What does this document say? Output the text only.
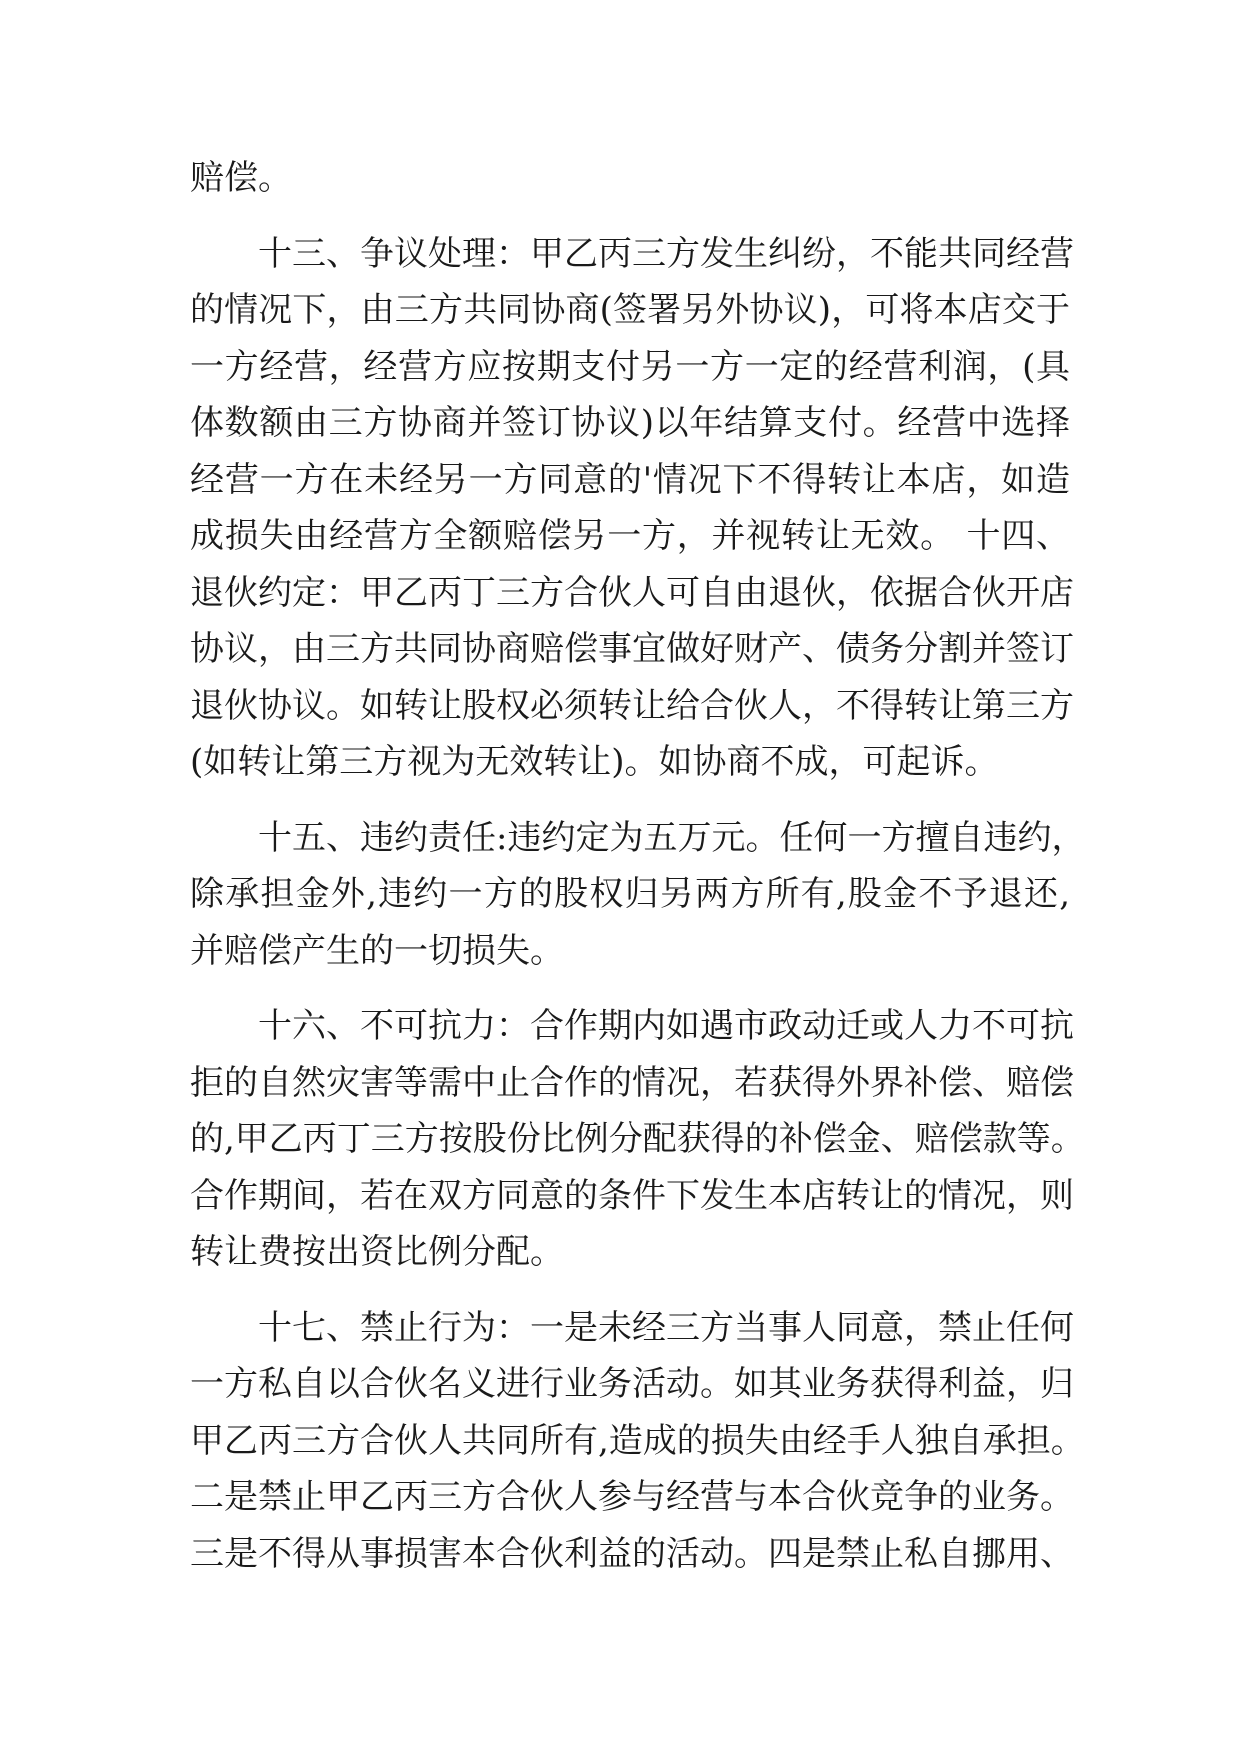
赔偿。
　　十三、争议处理：甲乙丙三方发生纠纷，不能共同经营
的情况下，由三方共同协商(签署另外协议)，可将本店交于
一方经营，经营方应按期支付另一方一定的经营利润，(具
体数额由三方协商并签订协议)以年结算支付。经营中选择
经营一方在未经另一方同意的'情况下不得转让本店，如造
成损失由经营方全额赔偿另一方，并视转让无效。 十四、
退伙约定：甲乙丙丁三方合伙人可自由退伙，依据合伙开店
协议，由三方共同协商赔偿事宜做好财产、债务分割并签订
退伙协议。如转让股权必须转让给合伙人，不得转让第三方
(如转让第三方视为无效转让)。如协商不成，可起诉。
　　十五、违约责任:违约定为五万元。任何一方擅自违约，
除承担金外,违约一方的股权归另两方所有,股金不予退还,
并赔偿产生的一切损失。
　　十六、不可抗力：合作期内如遇市政动迁或人力不可抗
拒的自然灾害等需中止合作的情况，若获得外界补偿、赔偿
的,甲乙丙丁三方按股份比例分配获得的补偿金、赔偿款等。
合作期间，若在双方同意的条件下发生本店转让的情况，则
转让费按出资比例分配。
　　十七、禁止行为：一是未经三方当事人同意，禁止任何
一方私自以合伙名义进行业务活动。如其业务获得利益，归
甲乙丙三方合伙人共同所有,造成的损失由经手人独自承担。
二是禁止甲乙丙三方合伙人参与经营与本合伙竞争的业务。
三是不得从事损害本合伙利益的活动。四是禁止私自挪用、
